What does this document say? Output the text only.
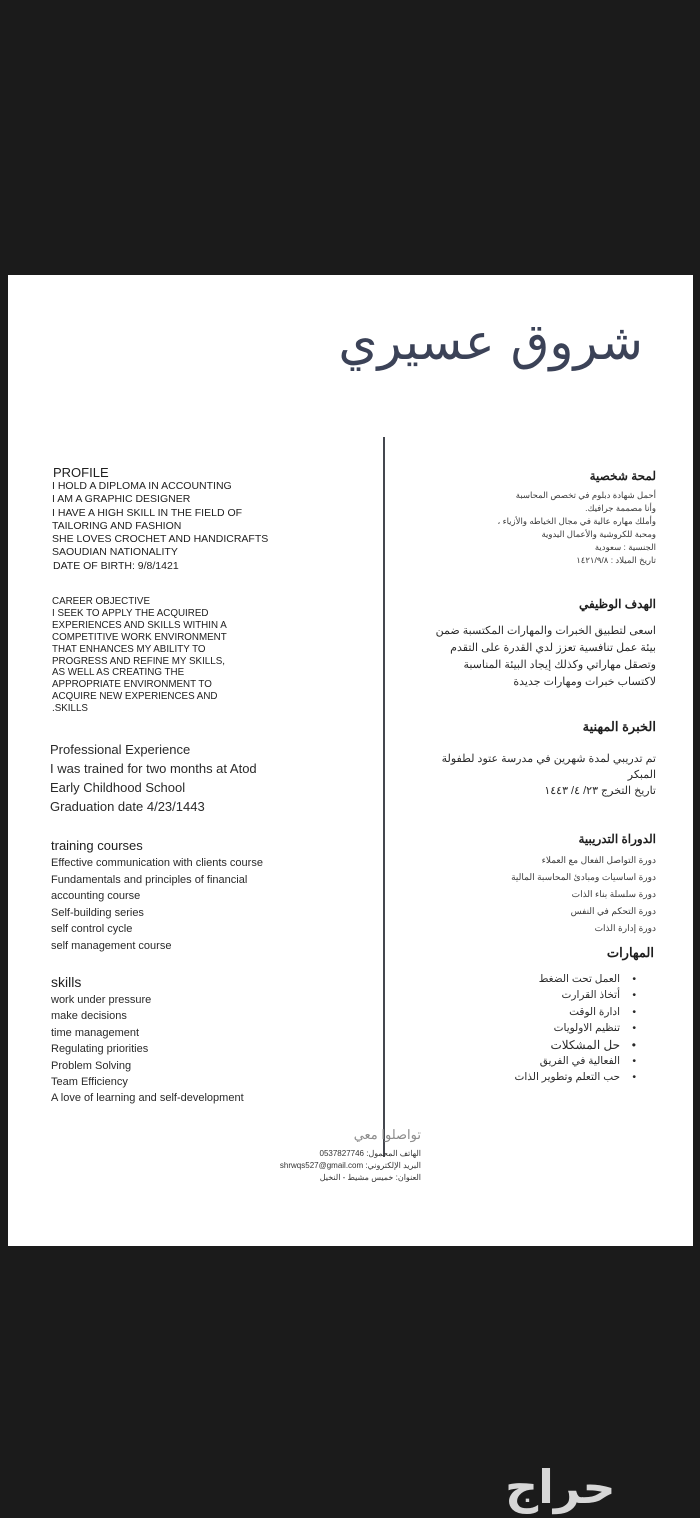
شروق عسيري
PROFILE
I HOLD A DIPLOMA IN ACCOUNTING
I AM A GRAPHIC DESIGNER
I HAVE A HIGH SKILL IN THE FIELD OF
TAILORING AND FASHION
SHE LOVES CROCHET AND HANDICRAFTS
SAOUDIAN NATIONALITY
DATE OF BIRTH: 9/8/1421
CAREER OBJECTIVE
I SEEK TO APPLY THE ACQUIRED
EXPERIENCES AND SKILLS WITHIN A
COMPETITIVE WORK ENVIRONMENT
THAT ENHANCES MY ABILITY TO
PROGRESS AND REFINE MY SKILLS,
AS WELL AS CREATING THE
APPROPRIATE ENVIRONMENT TO
ACQUIRE NEW EXPERIENCES AND
.SKILLS
Professional Experience
I was trained for two months at Atod
Early Childhood School
Graduation date 4/23/1443
training courses
Effective communication with clients course
Fundamentals and principles of financial
accounting course
Self-building series
self control cycle
self management course
skills
work under pressure
make decisions
time management
Regulating priorities
Problem Solving
Team Efficiency
A love of learning and self-development
لمحة شخصية
أحمل شهادة دبلوم في تخصص المحاسبة
وأنا مصممة جرافيك.
وأملك مهاره عالية في مجال الخياطه والأزياء ،
ومحبة للكروشية والأعمال اليدوية
الجنسية : سعودية
تاريخ الميلاد : ١٤٢١/٩/٨
الهدف الوظيفي
اسعى لتطبيق الخبرات والمهارات المكتسبة ضمن
بيئة عمل تنافسية تعزز لدي القدرة على التقدم
وتصقل مهاراتي وكذلك إيجاد البيئة المناسبة
لاكتساب خبرات ومهارات جديدة
الخبرة المهنية
تم تدريبي لمدة شهرين في مدرسة عتود لطفولة
المبكر
تاريخ التخرج ٢٣/ ٤/ ١٤٤٣
الدوراة التدريبية
دورة التواصل الفعال مع العملاء
دورة اساسيات ومبادئ المحاسبة المالية
دورة سلسلة بناء الذات
دورة التحكم في النفس
دورة إدارة الذات
المهارات
• العمل تحت الضغط
• أتخاذ القرارت
• ادارة الوقت
• تنظيم الاولويات
• حل المشكلات
• الفعالية في الفريق
• حب التعلم وتطوير الذات
تواصلوا معي
الهاتف المحمول: 0537827746
البريد الإلكتروني: shrwqs527@gmail.com
العنوان: خميس مشيط - النخيل
حراج
